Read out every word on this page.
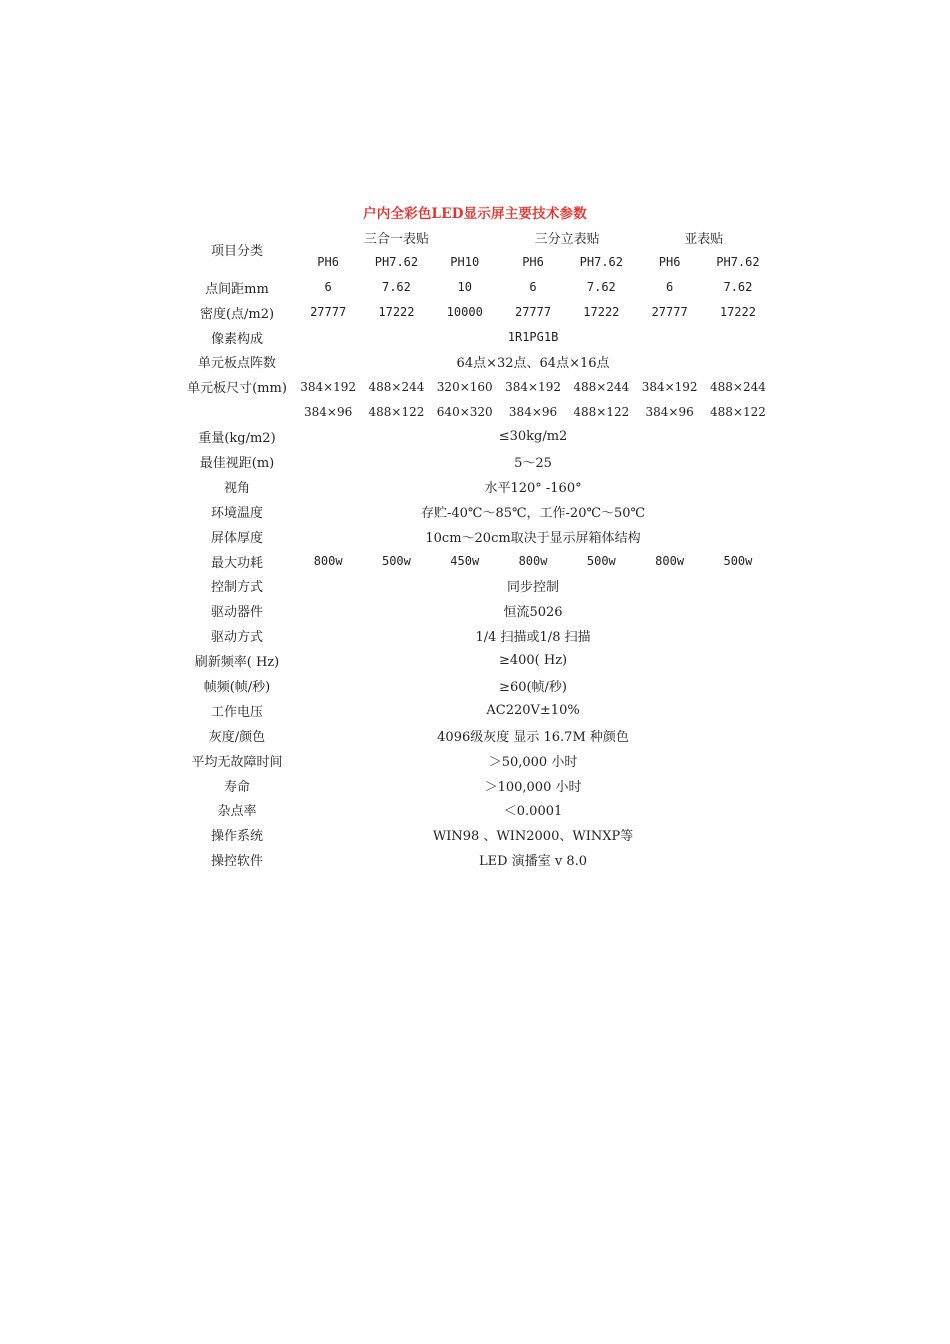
户内全彩色LED显示屏主要技术参数
项目分类	三合一表贴			三分立表贴		亚表贴	
	PH6	PH7.62	PH10	PH6	PH7.62	PH6	PH7.62
点间距mm	6	7.62	10	6	7.62	6	7.62
密度(点/m2)	27777	17222	10000	27777	17222	27777	17222
像素构成	1R1PG1B						
单元板点阵数	64点×32点、64点×16点						
单元板尺寸(mm)	384×192	488×244	320×160	384×192	488×244	384×192	488×244
	384×96	488×122	640×320	384×96	488×122	384×96	488×122
重量(kg/m2)	≤30kg/m2						
最佳视距(m)	5～25						
视角	水平120° -160°						
环境温度	存贮-40℃～85℃，工作-20℃～50℃						
屏体厚度	10cm～20cm取决于显示屏箱体结构						
最大功耗	800w	500w	450w	800w	500w	800w	500w
控制方式	同步控制						
驱动器件	恒流5026						
驱动方式	1/4 扫描或1/8 扫描						
刷新频率( Hz)	≥400( Hz)						
帧频(帧/秒)	≥60(帧/秒)						
工作电压	AC220V±10%						
灰度/颜色	4096级灰度 显示 16.7M 种颜色						
平均无故障时间	＞50,000 小时						
寿命	＞100,000 小时						
杂点率	＜0.0001						
操作系统	WIN98 、WIN2000、WINXP等						
操控软件	LED 演播室 v 8.0						
